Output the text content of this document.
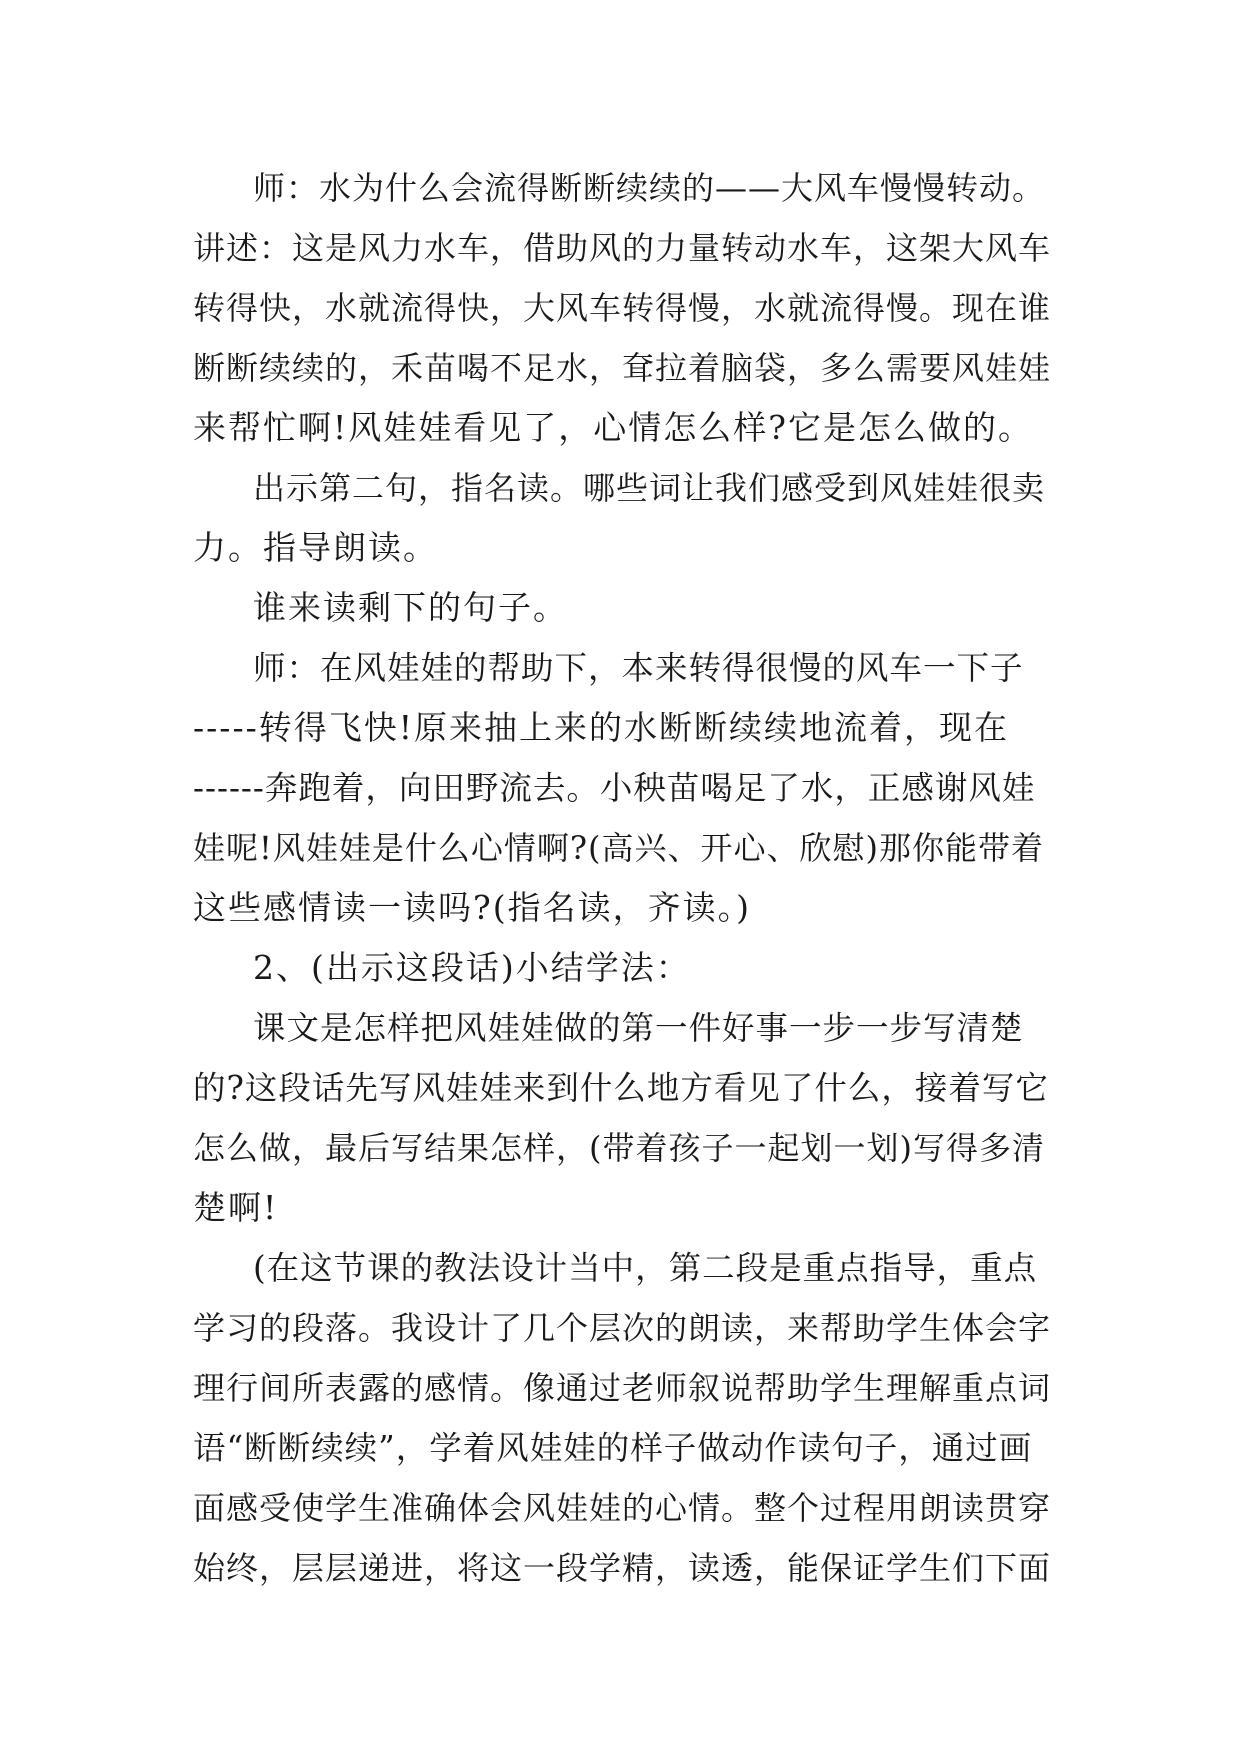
师：水为什么会流得断断续续的——大风车慢慢转动。
讲述：这是风力水车，借助风的力量转动水车，这架大风车
转得快，水就流得快，大风车转得慢，水就流得慢。现在谁
断断续续的，禾苗喝不足水，耷拉着脑袋，多么需要风娃娃
来帮忙啊!风娃娃看见了，心情怎么样?它是怎么做的。
出示第二句，指名读。哪些词让我们感受到风娃娃很卖
力。指导朗读。
谁来读剩下的句子。
师：在风娃娃的帮助下，本来转得很慢的风车一下子
-----转得飞快!原来抽上来的水断断续续地流着，现在
------奔跑着，向田野流去。小秧苗喝足了水，正感谢风娃
娃呢!风娃娃是什么心情啊?(高兴、开心、欣慰)那你能带着
这些感情读一读吗?(指名读，齐读。)
2、(出示这段话)小结学法：
课文是怎样把风娃娃做的第一件好事一步一步写清楚
的?这段话先写风娃娃来到什么地方看见了什么，接着写它
怎么做，最后写结果怎样，(带着孩子一起划一划)写得多清
楚啊!
(在这节课的教法设计当中，第二段是重点指导，重点
学习的段落。我设计了几个层次的朗读，来帮助学生体会字
理行间所表露的感情。像通过老师叙说帮助学生理解重点词
语“断断续续”，学着风娃娃的样子做动作读句子，通过画
面感受使学生准确体会风娃娃的心情。整个过程用朗读贯穿
始终，层层递进，将这一段学精，读透，能保证学生们下面
